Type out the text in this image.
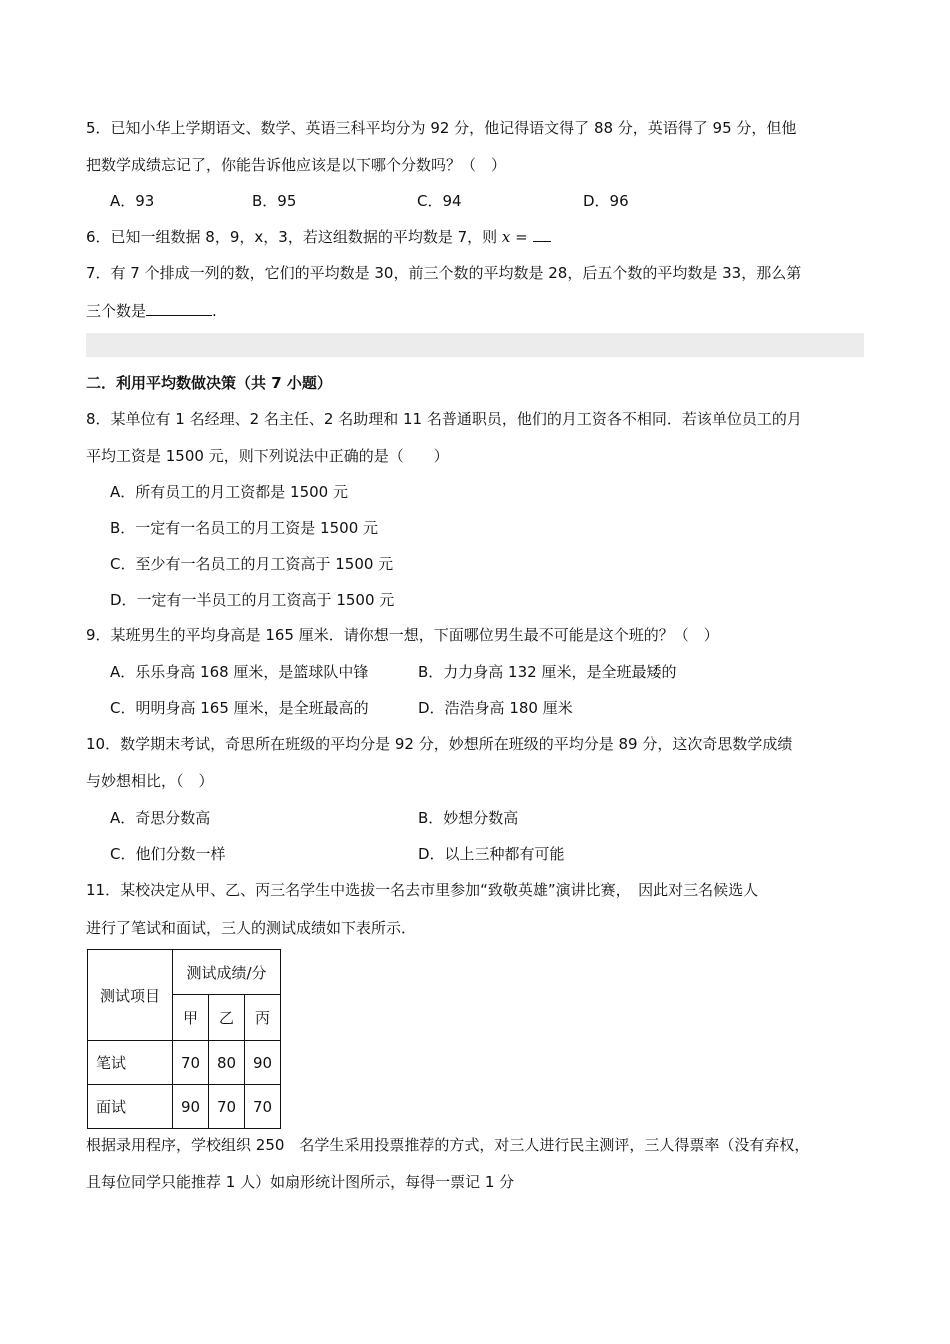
5．已知小华上学期语文、数学、英语三科平均分为 92 分，他记得语文得了 88 分，英语得了 95 分，但他
把数学成绩忘记了，你能告诉他应该是以下哪个分数吗？（　）
A．93	B．95	C．94	D．96
6．已知一组数据 8，9，x，3，若这组数据的平均数是 7，则 x =
7．有 7 个排成一列的数，它们的平均数是 30，前三个数的平均数是 28，后五个数的平均数是 33，那么第
三个数是	.
二．利用平均数做决策（共 7 小题）
8．某单位有 1 名经理、2 名主任、2 名助理和 11 名普通职员，他们的月工资各不相同．若该单位员工的月
平均工资是 1500 元，则下列说法中正确的是（　　）
A．所有员工的月工资都是 1500 元
B．一定有一名员工的月工资是 1500 元
C．至少有一名员工的月工资高于 1500 元
D．一定有一半员工的月工资高于 1500 元
9．某班男生的平均身高是 165 厘米．请你想一想，下面哪位男生最不可能是这个班的？（　）
A．乐乐身高 168 厘米，是篮球队中锋	B．力力身高 132 厘米，是全班最矮的
C．明明身高 165 厘米，是全班最高的	D．浩浩身高 180 厘米
10．数学期末考试，奇思所在班级的平均分是 92 分，妙想所在班级的平均分是 89 分，这次奇思数学成绩
与妙想相比，（　）
A．奇思分数高	B．妙想分数高
C．他们分数一样	D．以上三种都有可能
11．某校决定从甲、乙、丙三名学生中选拔一名去市里参加“致敬英雄”演讲比赛，　因此对三名候选人
进行了笔试和面试，三人的测试成绩如下表所示．
测试项目	测试成绩/分		
	甲	乙	丙
笔试	70	80	90
面试	90	70	70
根据录用程序，学校组织 250　名学生采用投票推荐的方式，对三人进行民主测评，三人得票率（没有弃权，
且每位同学只能推荐 1 人）如扇形统计图所示，每得一票记 1 分
